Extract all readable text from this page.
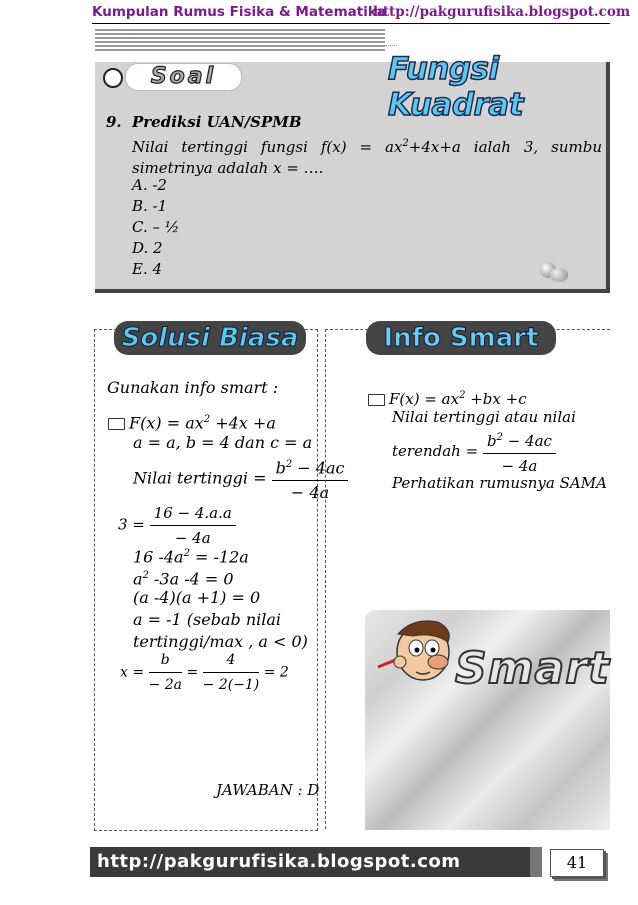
Kumpulan Rumus Fisika & Matematika
http://pakgurufisika.blogspot.com
Soal	Fungsi Kuadrat
9. Prediksi UAN/SPMB
Nilai tertinggi fungsi $f(x) = ax^2+4x+a$ ialah 3, sumbu simetrinya adalah x = ….
A. -2
B. -1
C. – ½
D. 2
E. 4
Solusi Biasa
Gunakan info smart :
$F(x) = ax^2 +4x +a$
a = a, b = 4 dan c = a
Nilai tertinggi = $\frac{b^2 - 4ac}{- 4a}$
$3 = \frac{16 - 4.a.a}{- 4a}$
16 $-4a^2 = -12a$
$a^2$ -3a -4 = 0
(a -4)(a +1) = 0
a = -1 (sebab nilai
tertinggi/max , a < 0)
$x = \frac{b}{- 2a} = \frac{4}{- 2(-1)} = 2$
JAWABAN : D
Info Smart
$F(x) = ax^2 +bx +c$
Nilai tertinggi atau nilai
terendah = $\frac{b^2 - 4ac}{- 4a}$
Perhatikan rumusnya SAMA
Smart
http://pakgurufisika.blogspot.com	41
